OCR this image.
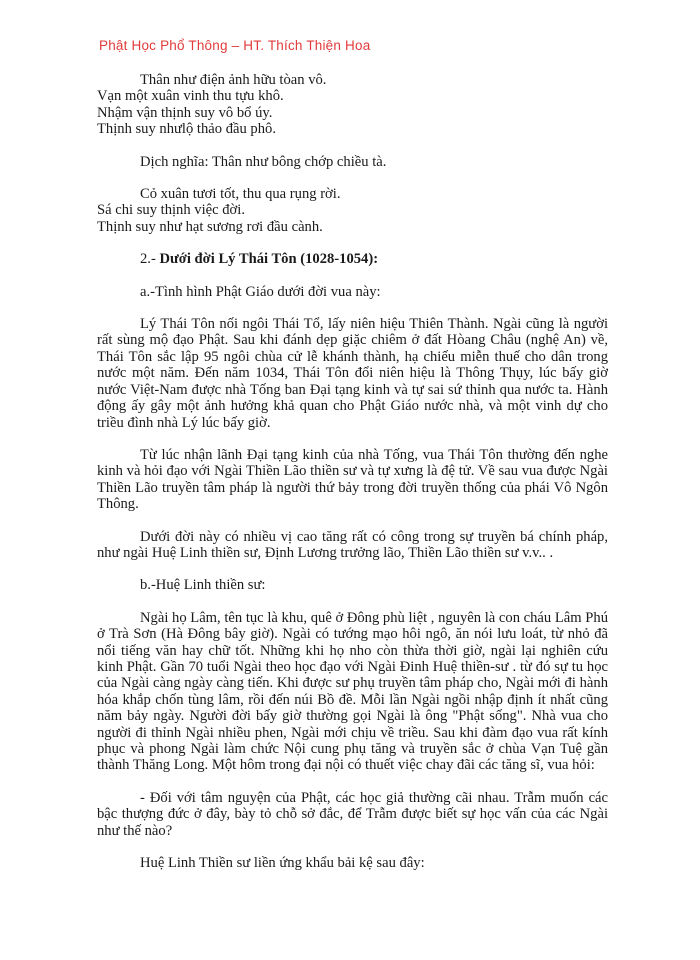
Phật Học Phổ Thông – HT. Thích Thiện Hoa
Thân như điện ảnh hữu tòan vô.
Vạn một xuân vinh thu tựu khô.
Nhậm vận thịnh suy vô bổ úy.
Thịnh suy nhưlộ thảo đầu phô.

Dịch nghĩa: Thân như bông chớp chiều tà.

Cỏ xuân tươi tốt, thu qua rụng rời.
Sá chi suy thịnh việc đời.
Thịnh suy như hạt sương rơi đầu cành.

2.- Dưới đời Lý Thái Tôn (1028-1054):

a.-Tình hình Phật Giáo dưới đời vua này:

Lý Thái Tôn nối ngôi Thái Tổ, lấy niên hiệu Thiên Thành. Ngài cũng là người rất sùng mộ đạo Phật. Sau khi đánh dẹp giặc chiêm ở đất Hòang Châu (nghệ An) về, Thái Tôn sắc lập 95 ngôi chùa cử lễ khánh thành, hạ chiếu miễn thuế cho dân trong nước một năm. Đến năm 1034, Thái Tôn đổi niên hiệu là Thông Thụy, lúc bấy giờ nước Việt-Nam được nhà Tống ban Đại tạng kinh và tự sai sứ thỉnh qua nước ta. Hành động ấy gây một ảnh hưởng khả quan cho Phật Giáo nước nhà, và một vinh dự cho triều đình nhà Lý lúc bấy giờ.

Từ lúc nhận lãnh Đại tạng kinh của nhà Tống, vua Thái Tôn thường đến nghe kinh và hỏi đạo với Ngài Thiền Lão thiền sư và tự xưng là đệ tử. Về sau vua được Ngài Thiền Lão truyền tâm pháp là người thứ bảy trong đời truyền thống của phái Vô Ngôn Thông.

Dưới đời này có nhiều vị cao tăng rất có công trong sự truyền bá chính pháp, như ngài Huệ Linh thiền sư, Định Lương trưởng lão, Thiền Lão thiền sư v.v.. .

b.-Huệ Linh thiền sư:

Ngài họ Lâm, tên tục là khu, quê ở Đông phù liệt , nguyên là con cháu Lâm Phú ở Trà Sơn (Hà Đông bây giờ). Ngài có tướng mạo hôi ngô, ăn nói lưu loát, từ nhỏ đã nổi tiếng văn hay chữ tốt. Những khi họ nho còn thừa thời giờ, ngài lại nghiên cứu kinh Phật. Gần 70 tuổi Ngài theo học đạo với Ngài Đinh Huệ thiền-sư . từ đó sự tu học của Ngài càng ngày càng tiến. Khi được sư phụ truyền tâm pháp cho, Ngài mới đi hành hóa khắp chốn tùng lâm, rồi đến núi Bồ đề. Mỗi lần Ngài ngồi nhập định ít nhất cũng năm bảy ngày. Người đời bấy giờ thường gọi Ngài là ông "Phật sống". Nhà vua cho người đi thỉnh Ngài nhiều phen, Ngài mới chịu về triều. Sau khi đàm đạo vua rất kính phục và phong Ngài làm chức Nội cung phụ tăng và truyền sắc ở chùa Vạn Tuệ gần thành Thăng Long. Một hôm trong đại nội có thuết việc chay đãi các tăng sĩ, vua hỏi:

- Đối với tâm nguyện của Phật, các học giả thường cãi nhau. Trẫm muốn các bậc thượng đức ở đây, bày tỏ chỗ sở đắc, để Trẫm được biết sự học vấn của các Ngài như thế nào?

Huệ Linh Thiền sư liền ứng khẩu bải kệ sau đây:
